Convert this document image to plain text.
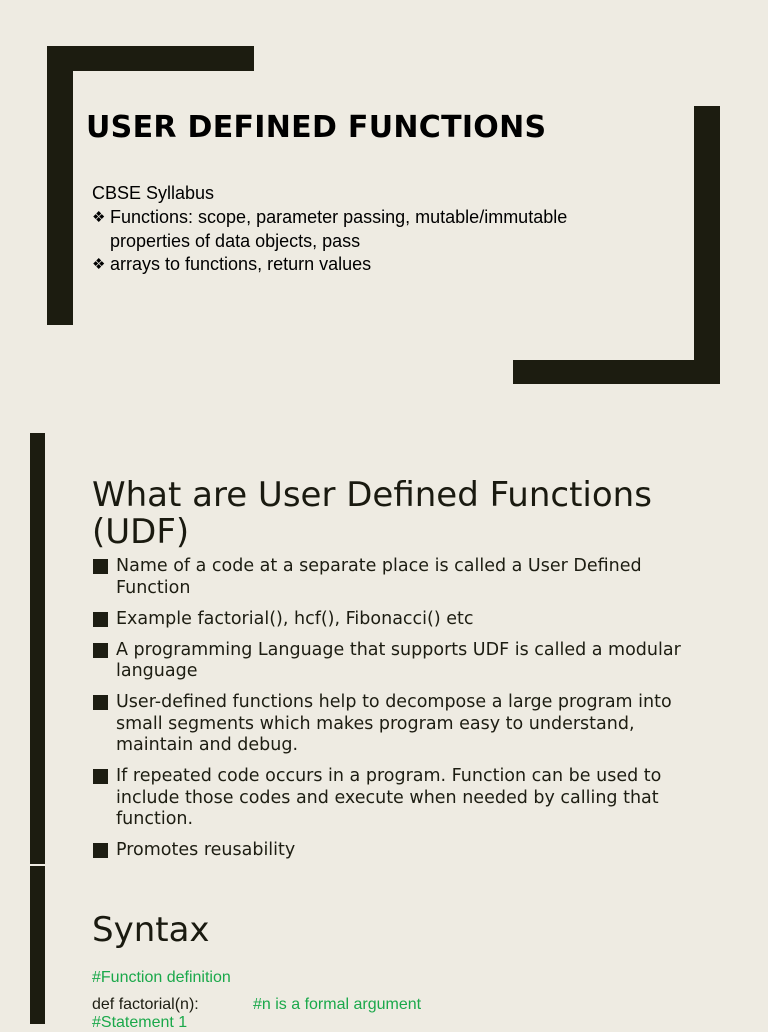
USER DEFINED FUNCTIONS
CBSE Syllabus
❖ Functions: scope, parameter passing, mutable/immutable properties of data objects, pass
❖ arrays to functions, return values
What are User Defined Functions (UDF)
Name of a code at a separate place is called a User Defined Function
Example factorial(), hcf(), Fibonacci() etc
A programming Language that supports UDF is called a modular language
User-defined functions help to decompose a large program into small segments which makes program easy to understand, maintain and debug.
If repeated code occurs in a program. Function can be used to include those codes and execute when needed by calling that function.
Promotes reusability
Syntax
#Function definition
def factorial(n):	#n is a formal argument
#Statement 1
